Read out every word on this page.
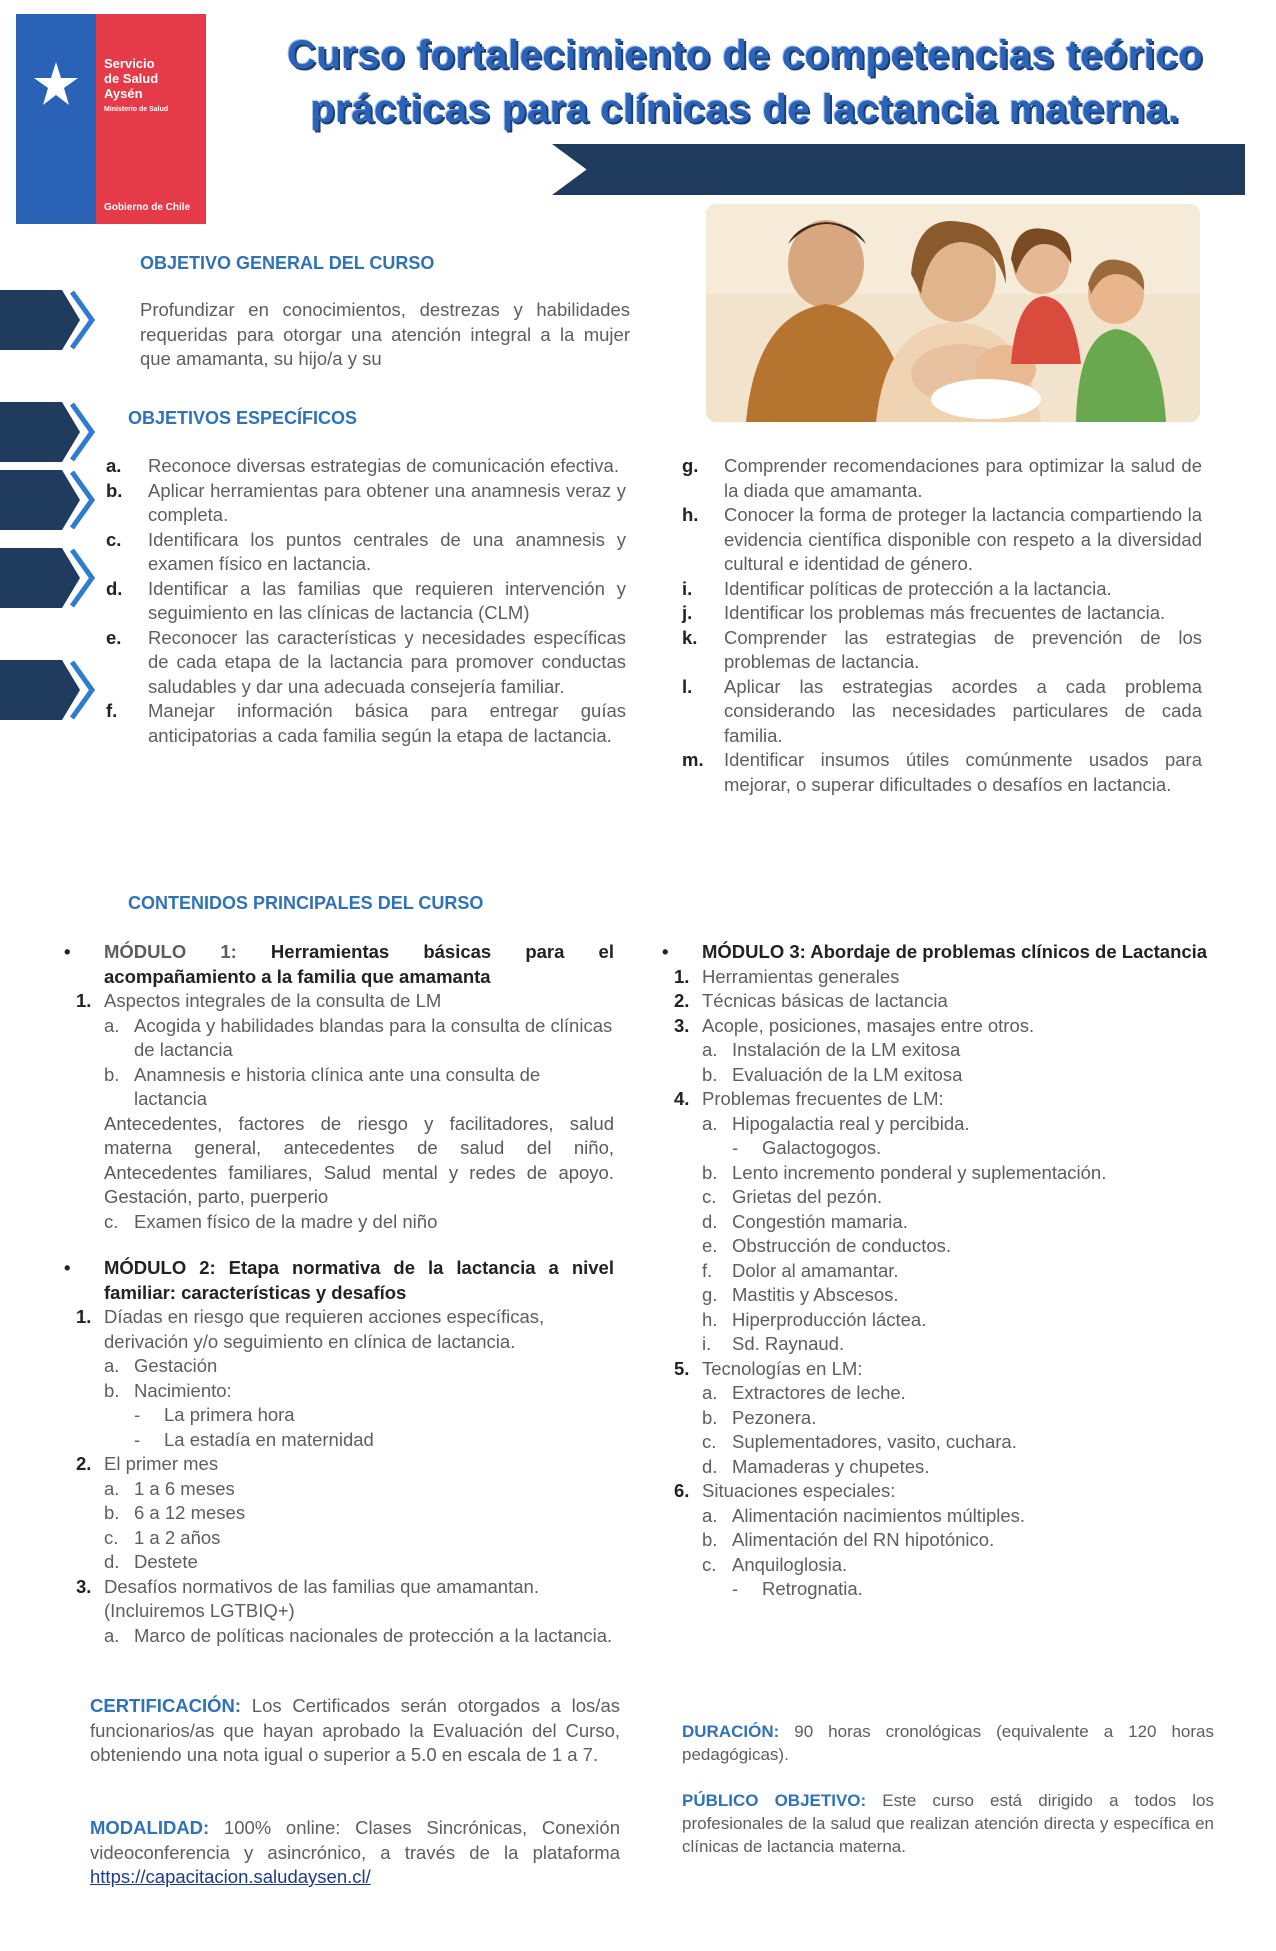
Servicio
de Salud
Aysén
Ministerio de Salud
Gobierno de Chile
Curso fortalecimiento de competencias teórico
prácticas para clínicas de lactancia materna.
OBJETIVO GENERAL DEL CURSO
Profundizar en conocimientos, destrezas y habilidades requeridas para otorgar una atención integral a la mujer que amamanta, su hijo/a y su
OBJETIVOS ESPECÍFICOS
a. Reconoce diversas estrategias de comunicación efectiva.
b. Aplicar herramientas para obtener una anamnesis veraz y completa.
c. Identificara los puntos centrales de una anamnesis y examen físico en lactancia.
d. Identificar a las familias que requieren intervención y seguimiento en las clínicas de lactancia (CLM)
e. Reconocer las características y necesidades específicas de cada etapa de la lactancia para promover conductas saludables y dar una adecuada consejería familiar.
f. Manejar información básica para entregar guías anticipatorias a cada familia según la etapa de lactancia.
g. Comprender recomendaciones para optimizar la salud de la diada que amamanta.
h. Conocer la forma de proteger la lactancia compartiendo la evidencia científica disponible con respeto a la diversidad cultural e identidad de género.
i. Identificar políticas de protección a la lactancia.
j. Identificar los problemas más frecuentes de lactancia.
k. Comprender las estrategias de prevención de los problemas de lactancia.
l. Aplicar las estrategias acordes a cada problema considerando las necesidades particulares de cada familia.
m. Identificar insumos útiles comúnmente usados para mejorar, o superar dificultades o desafíos en lactancia.
CONTENIDOS PRINCIPALES DEL CURSO
• MÓDULO 1: Herramientas básicas para el acompañamiento a la familia que amamanta
1. Aspectos integrales de la consulta de LM
a. Acogida y habilidades blandas para la consulta de clínicas de lactancia
b. Anamnesis e historia clínica ante una consulta de lactancia
Antecedentes, factores de riesgo y facilitadores, salud materna general, antecedentes de salud del niño, Antecedentes familiares, Salud mental y redes de apoyo. Gestación, parto, puerperio
c. Examen físico de la madre y del niño
• MÓDULO 2: Etapa normativa de la lactancia a nivel familiar: características y desafíos
1. Díadas en riesgo que requieren acciones específicas, derivación y/o seguimiento en clínica de lactancia.
a. Gestación
b. Nacimiento:
- La primera hora
- La estadía en maternidad
2. El primer mes
a. 1 a 6 meses
b. 6 a 12 meses
c. 1 a 2 años
d. Destete
3. Desafíos normativos de las familias que amamantan. (Incluiremos LGTBIQ+)
a. Marco de políticas nacionales de protección a la lactancia.
• MÓDULO 3: Abordaje de problemas clínicos de Lactancia
1. Herramientas generales
2. Técnicas básicas de lactancia
3. Acople, posiciones, masajes entre otros.
a. Instalación de la LM exitosa
b. Evaluación de la LM exitosa
4. Problemas frecuentes de LM:
a. Hipogalactia real y percibida.
- Galactogogos.
b. Lento incremento ponderal y suplementación.
c. Grietas del pezón.
d. Congestión mamaria.
e. Obstrucción de conductos.
f. Dolor al amamantar.
g. Mastitis y Abscesos.
h. Hiperproducción láctea.
i. Sd. Raynaud.
5. Tecnologías en LM:
a. Extractores de leche.
b. Pezonera.
c. Suplementadores, vasito, cuchara.
d. Mamaderas y chupetes.
6. Situaciones especiales:
a. Alimentación nacimientos múltiples.
b. Alimentación del RN hipotónico.
c. Anquiloglosia.
- Retrognatia.
CERTIFICACIÓN: Los Certificados serán otorgados a los/as funcionarios/as que hayan aprobado la Evaluación del Curso, obteniendo una nota igual o superior a 5.0 en escala de 1 a 7.
MODALIDAD: 100% online: Clases Sincrónicas, Conexión videoconferencia y asincrónico, a través de la plataforma https://capacitacion.saludaysen.cl/
DURACIÓN: 90 horas cronológicas (equivalente a 120 horas pedagógicas).
PÚBLICO OBJETIVO: Este curso está dirigido a todos los profesionales de la salud que realizan atención directa y específica en clínicas de lactancia materna.
